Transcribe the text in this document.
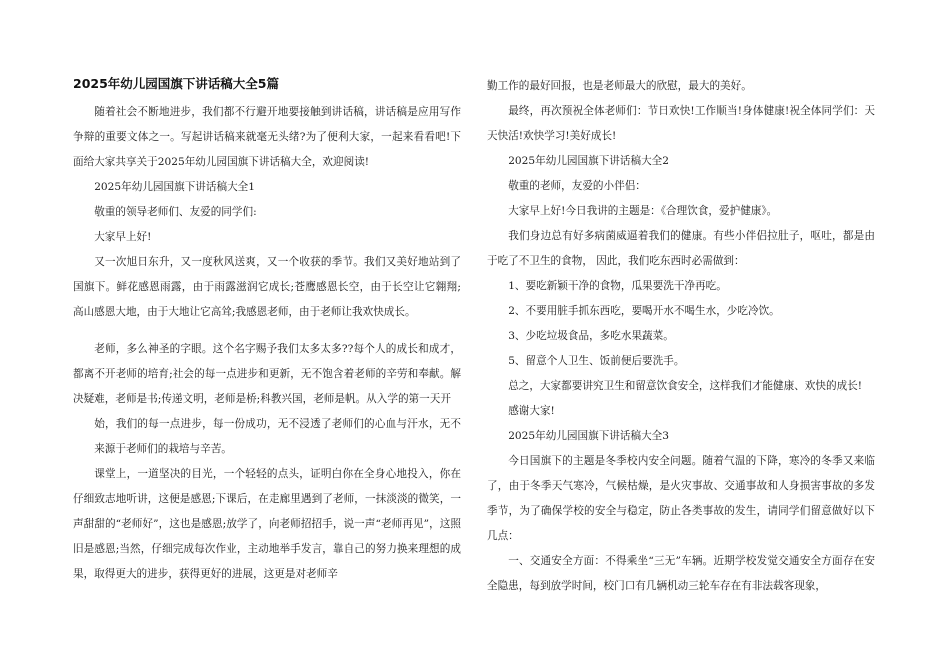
2025年幼儿园国旗下讲话稿大全5篇

随着社会不断地进步，我们都不行避开地要接触到讲话稿，讲话稿是应用写作争辩的重要文体之一。写起讲话稿来就毫无头绪?为了便利大家，一起来看看吧!下面给大家共享关于2025年幼儿园国旗下讲话稿大全，欢迎阅读!

2025年幼儿园国旗下讲话稿大全1

敬重的领导老师们、友爱的同学们:

大家早上好!

又一次旭日东升，又一度秋风送爽，又一个收获的季节。我们又美好地站到了国旗下。鲜花感恩雨露，由于雨露滋润它成长;苍鹰感恩长空，由于长空让它翱翔;高山感恩大地，由于大地让它高耸;我感恩老师，由于老师让我欢快成长。

老师，多么神圣的字眼。这个名字赐予我们太多太多??每个人的成长和成才，都离不开老师的培育;社会的每一点进步和更新，无不饱含着老师的辛劳和奉献。解决疑难，老师是书;传递文明，老师是桥;科教兴国，老师是帆。从入学的第一天开

始，我们的每一点进步，每一份成功，无不浸透了老师们的心血与汗水，无不来源于老师们的栽培与辛苦。

课堂上，一道坚决的目光，一个轻轻的点头，证明白你在全身心地投入，你在仔细致志地听讲，这便是感恩;下课后，在走廊里遇到了老师，一抹淡淡的微笑，一声甜甜的“老师好”，这也是感恩;放学了，向老师招招手，说一声“老师再见”，这照旧是感恩;当然，仔细完成每次作业，主动地举手发言，靠自己的努力换来理想的成果，取得更大的进步，获得更好的进展，这更是对老师辛

勤工作的最好回报，也是老师最大的欣慰，最大的美好。

最终，再次预祝全体老师们：节日欢快!工作顺当!身体健康!祝全体同学们：天天快活!欢快学习!美好成长!

2025年幼儿园国旗下讲话稿大全2

敬重的老师，友爱的小伴侣：

大家早上好!今日我讲的主题是：《合理饮食，爱护健康》。

我们身边总有好多病菌威逼着我们的健康。有些小伴侣拉肚子，呕吐，都是由于吃了不卫生的食物， 因此，我们吃东西时必需做到：

1、要吃新颖干净的食物，瓜果要洗干净再吃。

2、不要用脏手抓东西吃，要喝开水不喝生水，少吃冷饮。

3、少吃垃圾食品，多吃水果蔬菜。

5、留意个人卫生、饭前便后要洗手。

总之，大家都要讲究卫生和留意饮食安全，这样我们才能健康、欢快的成长!

感谢大家!

2025年幼儿园国旗下讲话稿大全3

今日国旗下的主题是冬季校内安全问题。随着气温的下降，寒冷的冬季又来临了，由于冬季天气寒冷，气候枯燥，是火灾事故、交通事故和人身损害事故的多发季节，为了确保学校的安全与稳定，防止各类事故的发生，请同学们留意做好以下几点：

一、交通安全方面：不得乘坐“三无”车辆。近期学校发觉交通安全方面存在安全隐患，每到放学时间，校门口有几辆机动三轮车存在有非法载客现象，
